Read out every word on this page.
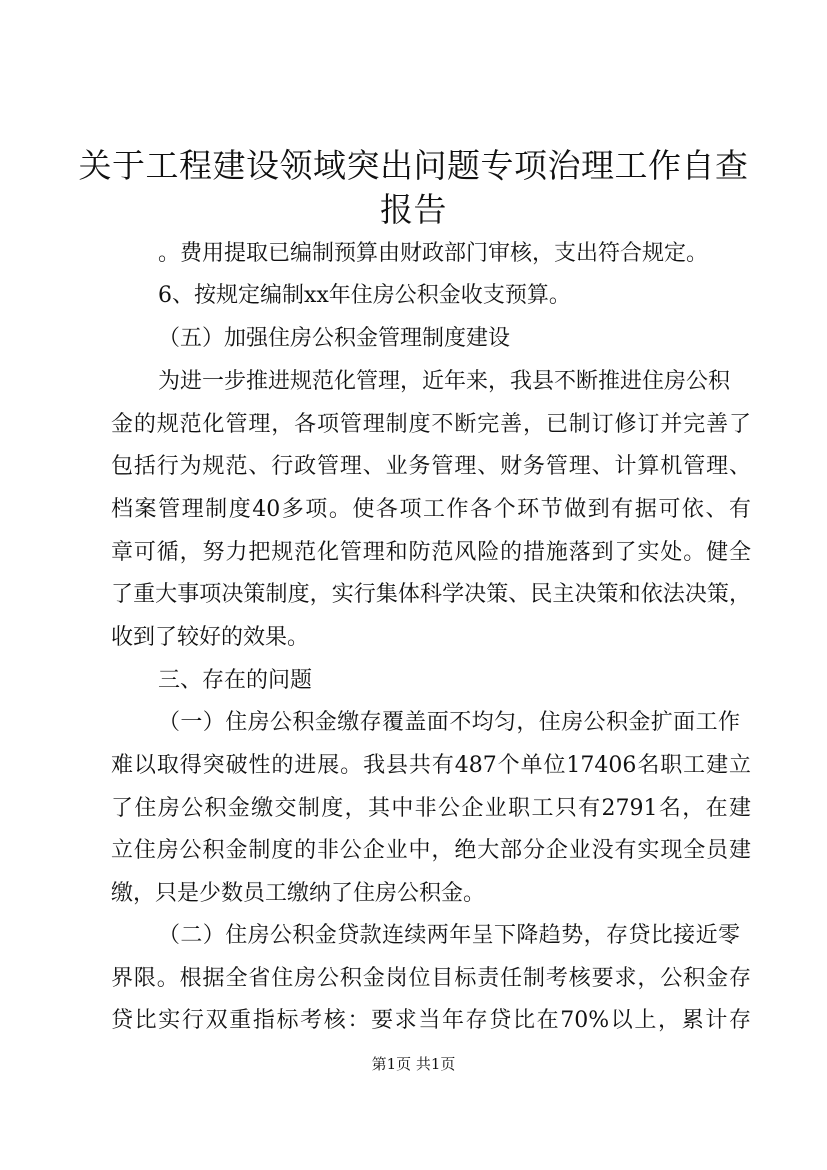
关于工程建设领域突出问题专项治理工作自查
报告

。费用提取已编制预算由财政部门审核，支出符合规定。

6、按规定编制xx年住房公积金收支预算。

（五）加强住房公积金管理制度建设

为进一步推进规范化管理，近年来，我县不断推进住房公积

金的规范化管理，各项管理制度不断完善，已制订修订并完善了

包括行为规范、行政管理、业务管理、财务管理、计算机管理、

档案管理制度40多项。使各项工作各个环节做到有据可依、有

章可循，努力把规范化管理和防范风险的措施落到了实处。健全

了重大事项决策制度，实行集体科学决策、民主决策和依法决策，

收到了较好的效果。

三、存在的问题

（一）住房公积金缴存覆盖面不均匀，住房公积金扩面工作

难以取得突破性的进展。我县共有487个单位17406名职工建立

了住房公积金缴交制度，其中非公企业职工只有2791名，在建

立住房公积金制度的非公企业中，绝大部分企业没有实现全员建

缴，只是少数员工缴纳了住房公积金。

（二）住房公积金贷款连续两年呈下降趋势，存贷比接近零

界限。根据全省住房公积金岗位目标责任制考核要求，公积金存

贷比实行双重指标考核：要求当年存贷比在70%以上，累计存

第1页 共1页
